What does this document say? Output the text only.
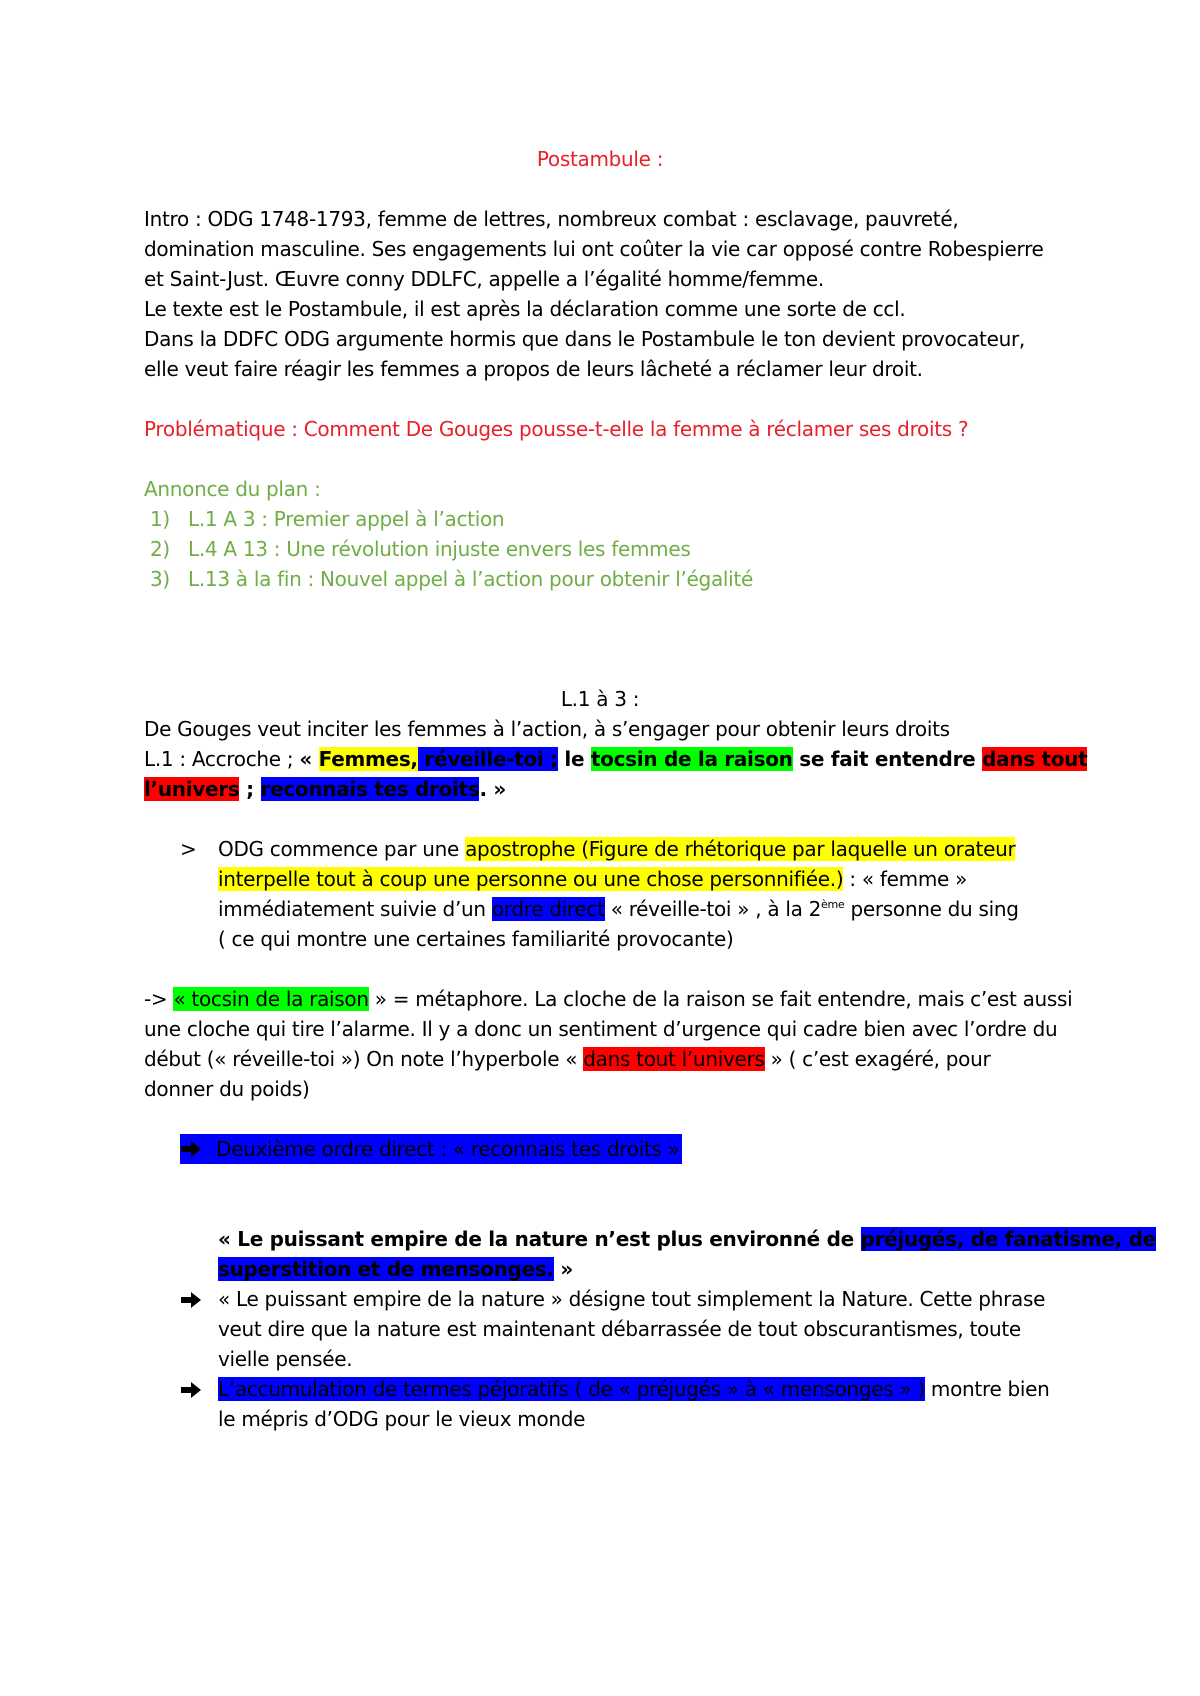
Postambule :
Intro : ODG 1748-1793, femme de lettres, nombreux combat : esclavage, pauvreté,
domination masculine. Ses engagements lui ont coûter la vie car opposé contre Robespierre
et Saint-Just. Œuvre conny DDLFC, appelle a l’égalité homme/femme.
Le texte est le Postambule, il est après la déclaration comme une sorte de ccl.
Dans la DDFC ODG argumente hormis que dans le Postambule le ton devient provocateur,
elle veut faire réagir les femmes a propos de leurs lâcheté a réclamer leur droit.
Problématique : Comment De Gouges pousse-t-elle la femme à réclamer ses droits ?
Annonce du plan :
1) L.1 A 3 : Premier appel à l’action
2) L.4 A 13 : Une révolution injuste envers les femmes
3) L.13 à la fin : Nouvel appel à l’action pour obtenir l’égalité
L.1 à 3 :
De Gouges veut inciter les femmes à l’action, à s’engager pour obtenir leurs droits
L.1 : Accroche ; « Femmes, réveille-toi ; le tocsin de la raison se fait entendre dans tout
l’univers ; reconnais tes droits. »
> ODG commence par une apostrophe (Figure de rhétorique par laquelle un orateur
interpelle tout à coup une personne ou une chose personnifiée.) : « femme »
immédiatement suivie d’un ordre direct « réveille-toi » , à la 2ème personne du sing
( ce qui montre une certaines familiarité provocante)
-> « tocsin de la raison » = métaphore. La cloche de la raison se fait entendre, mais c’est aussi
une cloche qui tire l’alarme. Il y a donc un sentiment d’urgence qui cadre bien avec l’ordre du
début (« réveille-toi ») On note l’hyperbole « dans tout l’univers » ( c’est exagéré, pour
donner du poids)
Deuxième ordre direct : « reconnais tes droits »
« Le puissant empire de la nature n’est plus environné de préjugés, de fanatisme, de
superstition et de mensonges. »
« Le puissant empire de la nature » désigne tout simplement la Nature. Cette phrase
veut dire que la nature est maintenant débarrassée de tout obscurantismes, toute
vielle pensée.
L’accumulation de termes péjoratifs ( de « préjugés » à « mensonges » ) montre bien
le mépris d’ODG pour le vieux monde
